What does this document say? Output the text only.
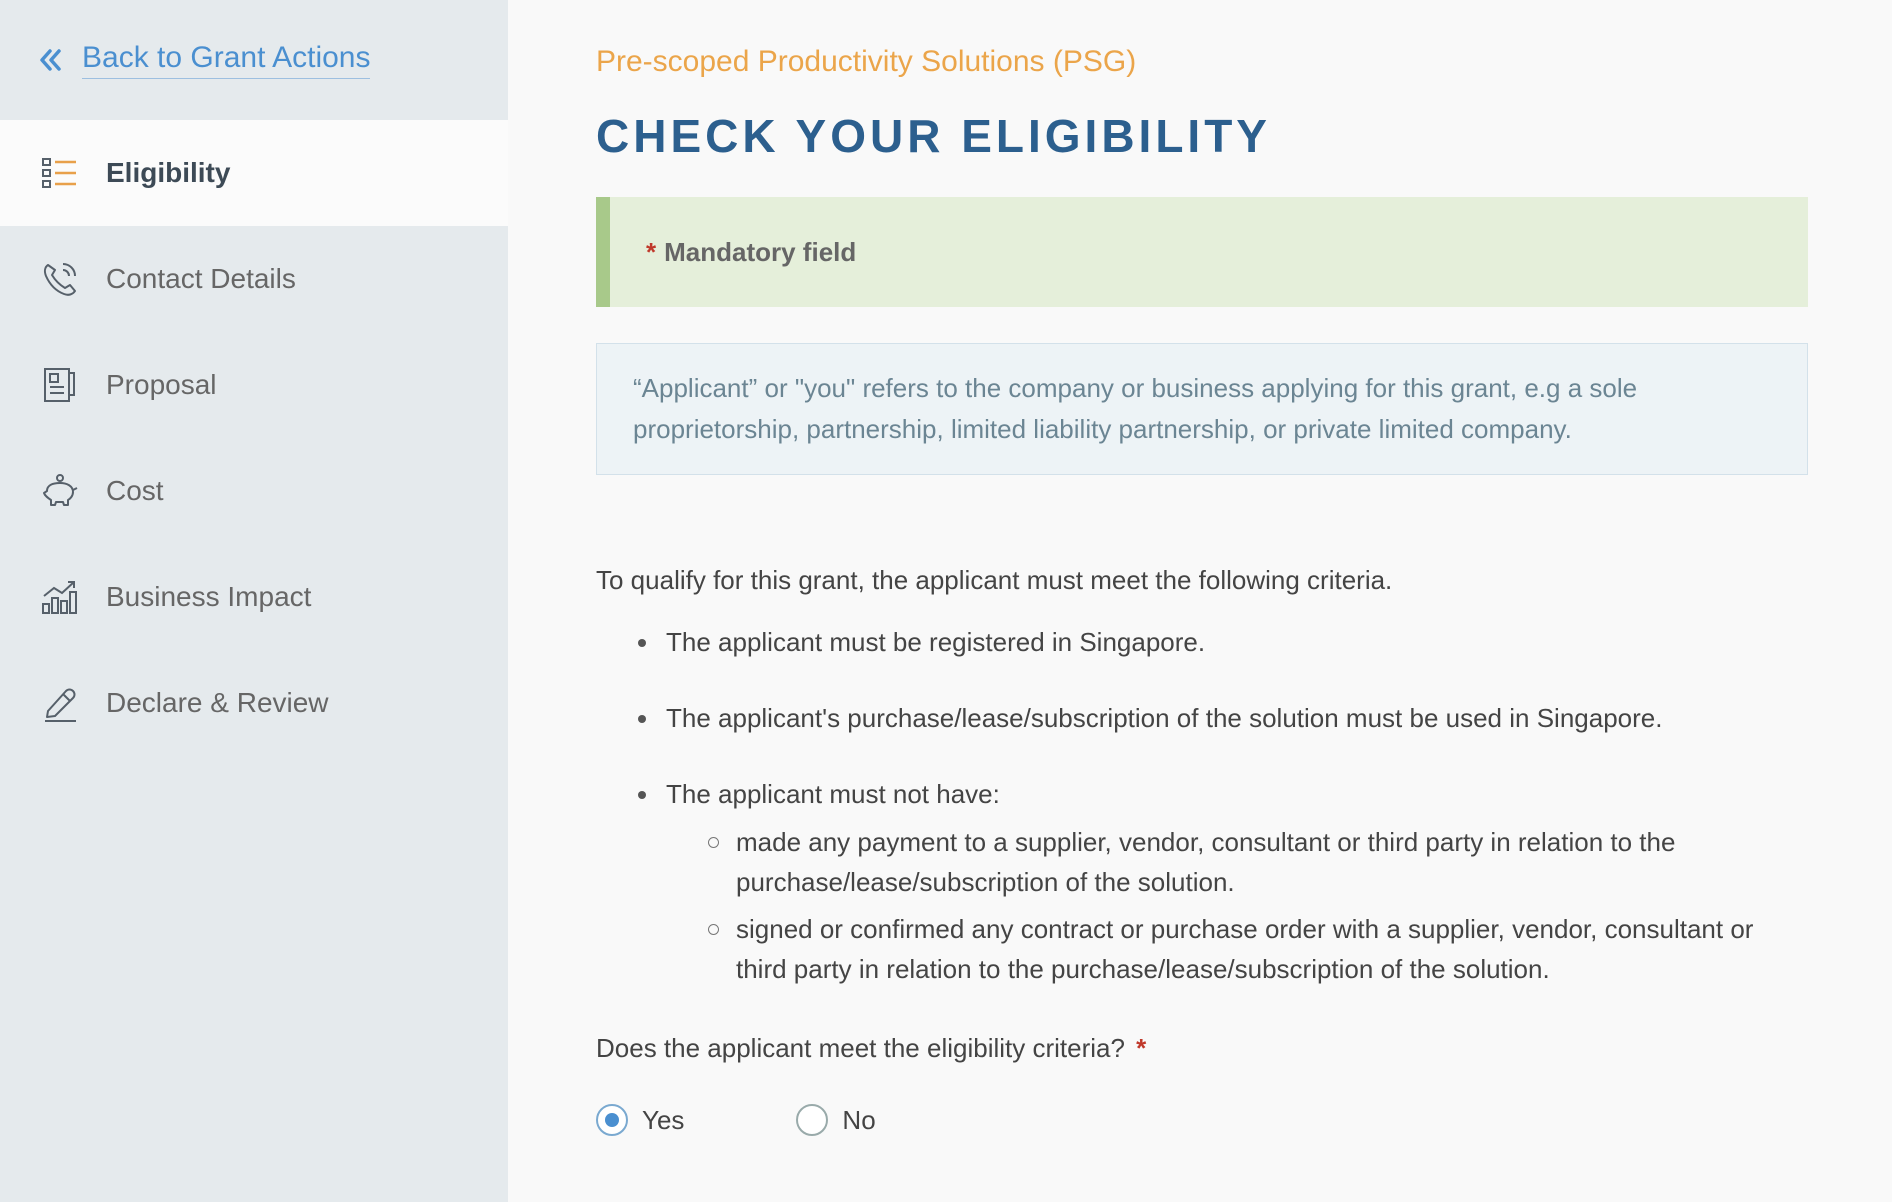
Back to Grant Actions
Eligibility
Contact Details
Proposal
Cost
Business Impact
Declare & Review
Pre-scoped Productivity Solutions (PSG)
CHECK YOUR ELIGIBILITY
* Mandatory field
“Applicant” or "you" refers to the company or business applying for this grant, e.g a sole proprietorship, partnership, limited liability partnership, or private limited company.

To qualify for this grant, the applicant must meet the following criteria.

The applicant must be registered in Singapore.
The applicant's purchase/lease/subscription of the solution must be used in Singapore.
The applicant must not have:
made any payment to a supplier, vendor, consultant or third party in relation to the purchase/lease/subscription of the solution.
signed or confirmed any contract or purchase order with a supplier, vendor, consultant or third party in relation to the purchase/lease/subscription of the solution.

Does the applicant meet the eligibility criteria? *

Yes	No
